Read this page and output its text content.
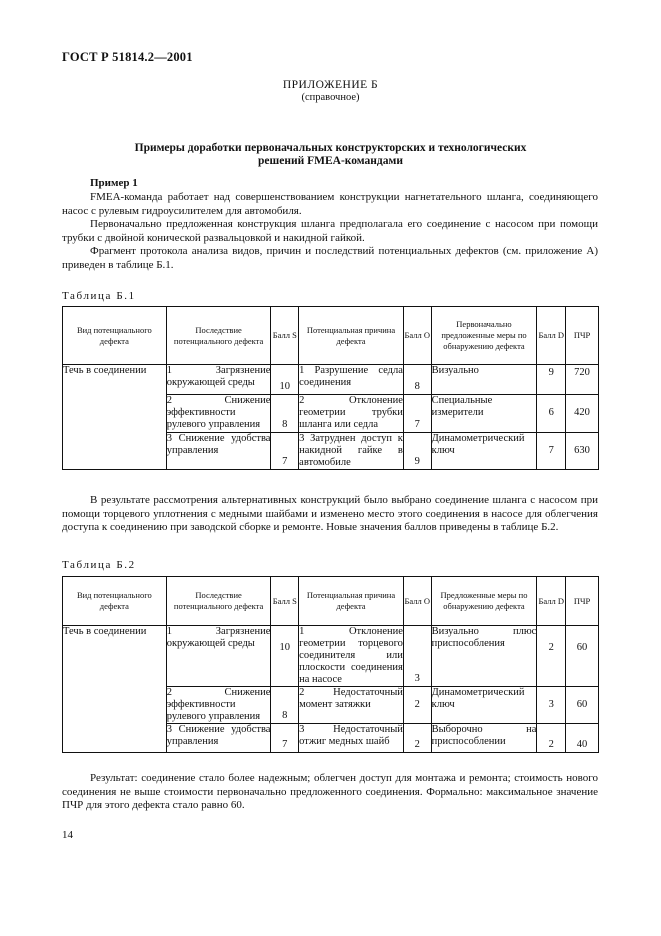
ГОСТ Р 51814.2—2001
ПРИЛОЖЕНИЕ Б
(справочное)
Примеры доработки первоначальных конструкторских и технологических
решений FMEA-командами
Пример 1
FMEA-команда работает над совершенствованием конструкции нагнетательного шланга, соединяющего насос с рулевым гидроусилителем для автомобиля.
Первоначально предложенная конструкция шланга предполагала его соединение с насосом при помощи трубки с двойной конической развальцовкой и накидной гайкой.
Фрагмент протокола анализа видов, причин и последствий потенциальных дефектов (см. приложение А) приведен в таблице Б.1.
Таблица Б.1
Вид потенциального дефекта	Последствие потенциального дефекта	Балл S	Потенциальная причина дефекта	Балл O	Первоначально предложенные меры по обнаружению дефекта	Балл D	ПЧР
Течь в соединении	1 Загрязнение окружающей среды	10	1 Разрушение седла соединения	8	Визуально	9	720
	2 Снижение эффективности рулевого управления	8	2 Отклонение геометрии трубки шланга или седла	7	Специальные измерители	6	420
	3 Снижение удобства управления	7	3 Затруднен доступ к накидной гайке в автомобиле	9	Динамометрический ключ	7	630
В результате рассмотрения альтернативных конструкций было выбрано соединение шланга с насосом при помощи торцевого уплотнения с медными шайбами и изменено место этого соединения в насосе для облегчения доступа к соединению при заводской сборке и ремонте. Новые значения баллов приведены в таблице Б.2.
Таблица Б.2
Вид потенциального дефекта	Последствие потенциального дефекта	Балл S	Потенциальная причина дефекта	Балл O	Предложенные меры по обнаружению дефекта	Балл D	ПЧР
Течь в соединении	1 Загрязнение окружающей среды	10	1 Отклонение геометрии торцевого соединителя или плоскости соединения на насосе	3	Визуально плюс приспособления	2	60
	2 Снижение эффективности рулевого управления	8	2 Недостаточный момент затяжки	2	Динамометрический ключ	3	60
	3 Снижение удобства управления	7	3 Недостаточный отжиг медных шайб	2	Выборочно на приспособлении	2	40
Результат: соединение стало более надежным; облегчен доступ для монтажа и ремонта; стоимость нового соединения не выше стоимости первоначально предложенного соединения. Формально: максимальное значение ПЧР для этого дефекта стало равно 60.
14
